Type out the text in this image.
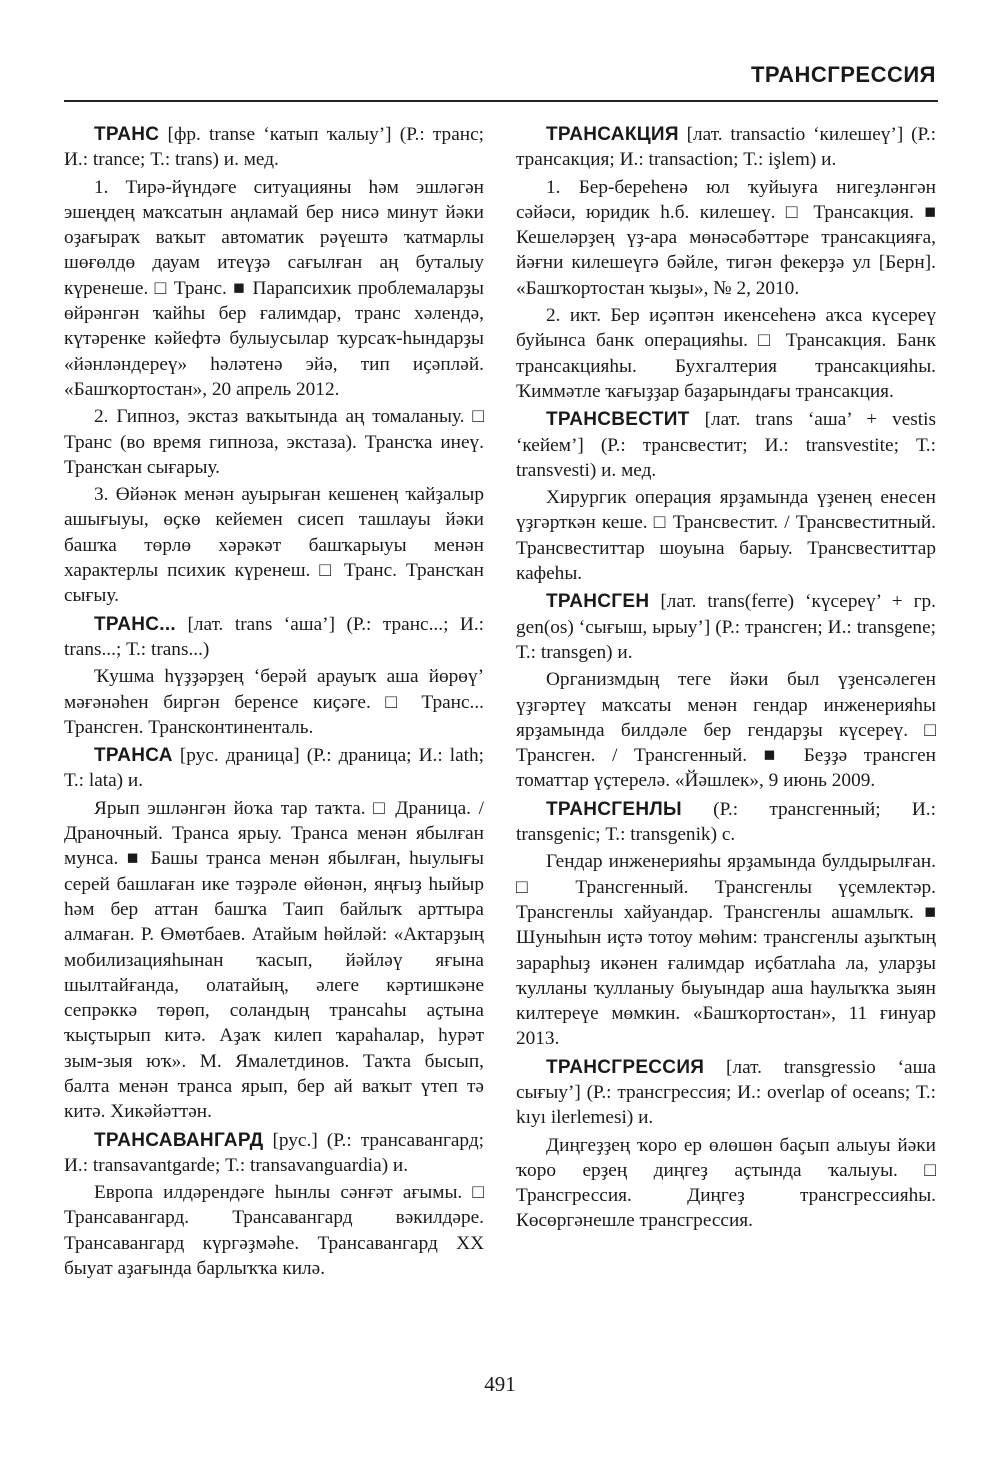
ТРАНСГРЕССИЯ

ТРАНС [фр. transe ‘катып ҡалыу’] (Р.: транс; И.: trance; Т.: trans) и. мед.

1. Тирә-йүндәге ситуацияны һәм эшләгән эшеңдең маҡсатын аңламай бер нисә минут йәки оҙағыраҡ ваҡыт автоматик рәүештә ҡатмарлы шөғөлдө дауам итеүҙә сағылған аң буталыу күренеше. □ Транс. ■ Парапсихик проблемаларҙы өйрәнгән ҡайһы бер ғалимдар, транс хәлендә, күтәренке кәйефтә булыусылар ҡурсаҡ-һындарҙы «йәнләндереү» һәләтенә эйә, тип иҫәпләй. «Башҡортостан», 20 апрель 2012.

2. Гипноз, экстаз ваҡытында аң томаланыу. □ Транс (во время гипноза, экстаза). Трансҡа инеү. Трансҡан сығарыу.

3. Өйәнәк менән ауырыған кешенең ҡайҙалыр ашығыуы, өҫкө кейемен сисеп ташлауы йәки башҡа төрлө хәрәкәт башҡарыуы менән характерлы психик күренеш. □ Транс. Трансҡан сығыу.

ТРАНС... [лат. trans ‘аша’] (Р.: транс...; И.: trans...; Т.: trans...)

Ҡушма һүҙҙәрҙең ‘берәй арауыҡ аша йөрөү’ мәғәнәһен биргән беренсе киҫәге. □ Транс... Трансген. Трансконтиненталь.

ТРАНСА [рус. драница] (Р.: драница; И.: lath; Т.: lata) и.

Ярып эшләнгән йоҡа тар таҡта. □ Драница. / Драночный. Транса ярыу. Транса менән ябылған мунса. ■ Башы транса менән ябылған, һыулығы серей башлаған ике тәҙрәле өйөнән, яңғыҙ һыйыр һәм бер аттан башҡа Таип байлыҡ арттыра алмаған. Р. Өмөтбаев. Атайым һөйләй: «Актарҙың мобилизацияһынан ҡасып, йәйләү яғына шылтайғанда, олатайың, әлеге кәртишкәне сепрәккә төрөп, соландың трансаһы аҫтына ҡыҫтырып китә. Аҙаҡ килеп ҡараһалар, һурәт зым-зыя юҡ». М. Ямалетдинов. Таҡта бысып, балта менән транса ярып, бер ай ваҡыт үтеп тә китә. Хикәйәттән.

ТРАНСАВАНГАРД [рус.] (Р.: трансавангард; И.: transavantgarde; Т.: transavanguardia) и.

Европа илдәрендәге һынлы сәнғәт ағымы. □ Трансавангард. Трансавангард вәкилдәре. Трансавангард күргәҙмәһе. Трансавангард XX быуат аҙағында барлыҡҡа килә.

ТРАНСАКЦИЯ [лат. transactio ‘килешеү’] (Р.: трансакция; И.: transaction; Т.: işlem) и.

1. Бер-береһенә юл ҡуйыуға нигеҙләнгән сәйәси, юридик һ.б. килешеү. □ Трансакция. ■ Кешеләрҙең үҙ-ара мөнәсәбәттәре трансакцияға, йәғни килешеүгә бәйле, тигән фекерҙә ул [Берн]. «Башҡортостан ҡыҙы», № 2, 2010.

2. икт. Бер иҫәптән икенсеһенә аҡса күсереү буйынса банк операцияһы. □ Трансакция. Банк трансакцияһы. Бухгалтерия трансакцияһы. Ҡиммәтле ҡағыҙҙар баҙарындағы трансакция.

ТРАНСВЕСТИТ [лат. trans ‘аша’ + vestis ‘кейем’] (Р.: трансвестит; И.: transvestite; Т.: transvesti) и. мед.

Хирургик операция ярҙамында үҙенең енесен үҙгәрткән кеше. □ Трансвестит. / Трансвеститный. Трансвеститтар шоуына барыу. Трансвеститтар кафеһы.

ТРАНСГЕН [лат. trans(ferre) ‘күсереү’ + гр. gen(os) ‘сығыш, ырыу’] (Р.: трансген; И.: transgene; Т.: transgen) и.

Организмдың теге йәки был үҙенсәлеген үҙгәртеү маҡсаты менән гендар инженерияһы ярҙамында билдәле бер гендарҙы күсереү. □ Трансген. / Трансгенный. ■ Беҙҙә трансген томаттар үҫтерелә. «Йәшлек», 9 июнь 2009.

ТРАНСГЕНЛЫ (Р.: трансгенный; И.: transgenic; Т.: transgenik) с.

Гендар инженерияһы ярҙамында булдырылған. □ Трансгенный. Трансгенлы үҫемлектәр. Трансгенлы хайуандар. Трансгенлы ашамлыҡ. ■ Шуныһын иҫтә тотоу мөһим: трансгенлы аҙыҡтың зарарһыҙ икәнен ғалимдар иҫбатлаһа ла, уларҙы ҡулланы ҡулланыу быуындар аша һаулыҡҡа зыян килтереүе мөмкин. «Башҡортостан», 11 ғинуар 2013.

ТРАНСГРЕССИЯ [лат. transgressio ‘аша сығыу’] (Р.: трансгрессия; И.: overlap of oceans; Т.: kıyı ilerlemesi) и.

Диңгеҙҙең ҡоро ер өлөшөн баҫып алыуы йәки ҡоро ерҙең диңгеҙ аҫтында ҡалыуы. □ Трансгрессия. Диңгеҙ трансгрессияһы. Көсөргәнешле трансгрессия.

491
